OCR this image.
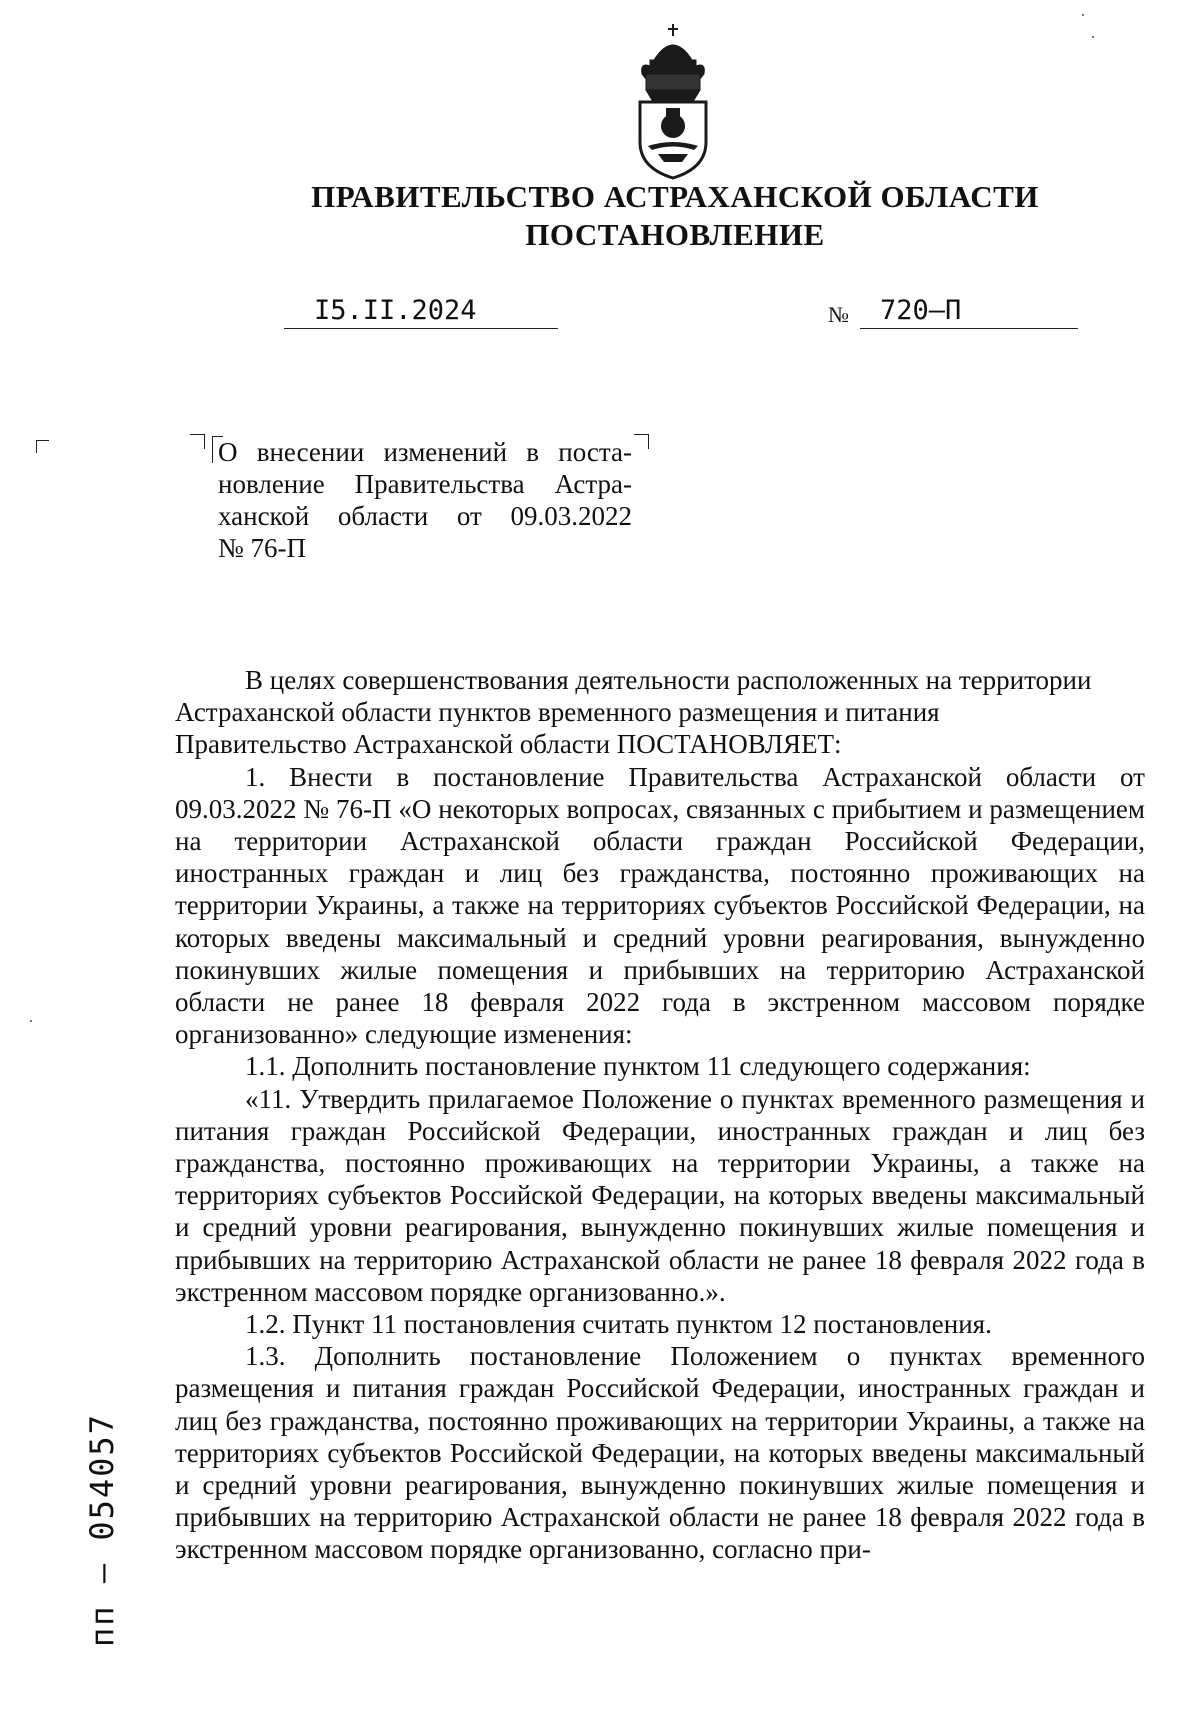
ПРАВИТЕЛЬСТВО АСТРАХАНСКОЙ ОБЛАСТИ
ПОСТАНОВЛЕНИЕ
I5.II.2024	№ 720–П
О внесении изменений в поста-
новление Правительства Астра-
ханской области от 09.03.2022
№ 76-П

В целях совершенствования деятельности расположенных на территории

Астраханской области пунктов временного размещения и питания

Правительство Астраханской области ПОСТАНОВЛЯЕТ:

1. Внести в постановление Правительства Астраханской области от 09.03.2022 № 76-П «О некоторых вопросах, связанных с прибытием и размещением на территории Астраханской области граждан Российской Федерации, иностранных граждан и лиц без гражданства, постоянно проживающих на территории Украины, а также на территориях субъектов Российской Федерации, на которых введены максимальный и средний уровни реагирования, вынужденно покинувших жилые помещения и прибывших на территорию Астраханской области не ранее 18 февраля 2022 года в экстренном массовом порядке организованно» следующие изменения:

1.1. Дополнить постановление пунктом 11 следующего содержания:

«11. Утвердить прилагаемое Положение о пунктах временного размещения и питания граждан Российской Федерации, иностранных граждан и лиц без гражданства, постоянно проживающих на территории Украины, а также на территориях субъектов Российской Федерации, на которых введены максимальный и средний уровни реагирования, вынужденно покинувших жилые помещения и прибывших на территорию Астраханской области не ранее 18 февраля 2022 года в экстренном массовом порядке организованно.».

1.2. Пункт 11 постановления считать пунктом 12 постановления.

1.3. Дополнить постановление Положением о пунктах временного размещения и питания граждан Российской Федерации, иностранных граждан и лиц без гражданства, постоянно проживающих на территории Украины, а также на территориях субъектов Российской Федерации, на которых введены максимальный и средний уровни реагирования, вынужденно покинувших жилые помещения и прибывших на территорию Астраханской области не ранее 18 февраля 2022 года в экстренном массовом порядке организованно, согласно при-

пп – 054057
